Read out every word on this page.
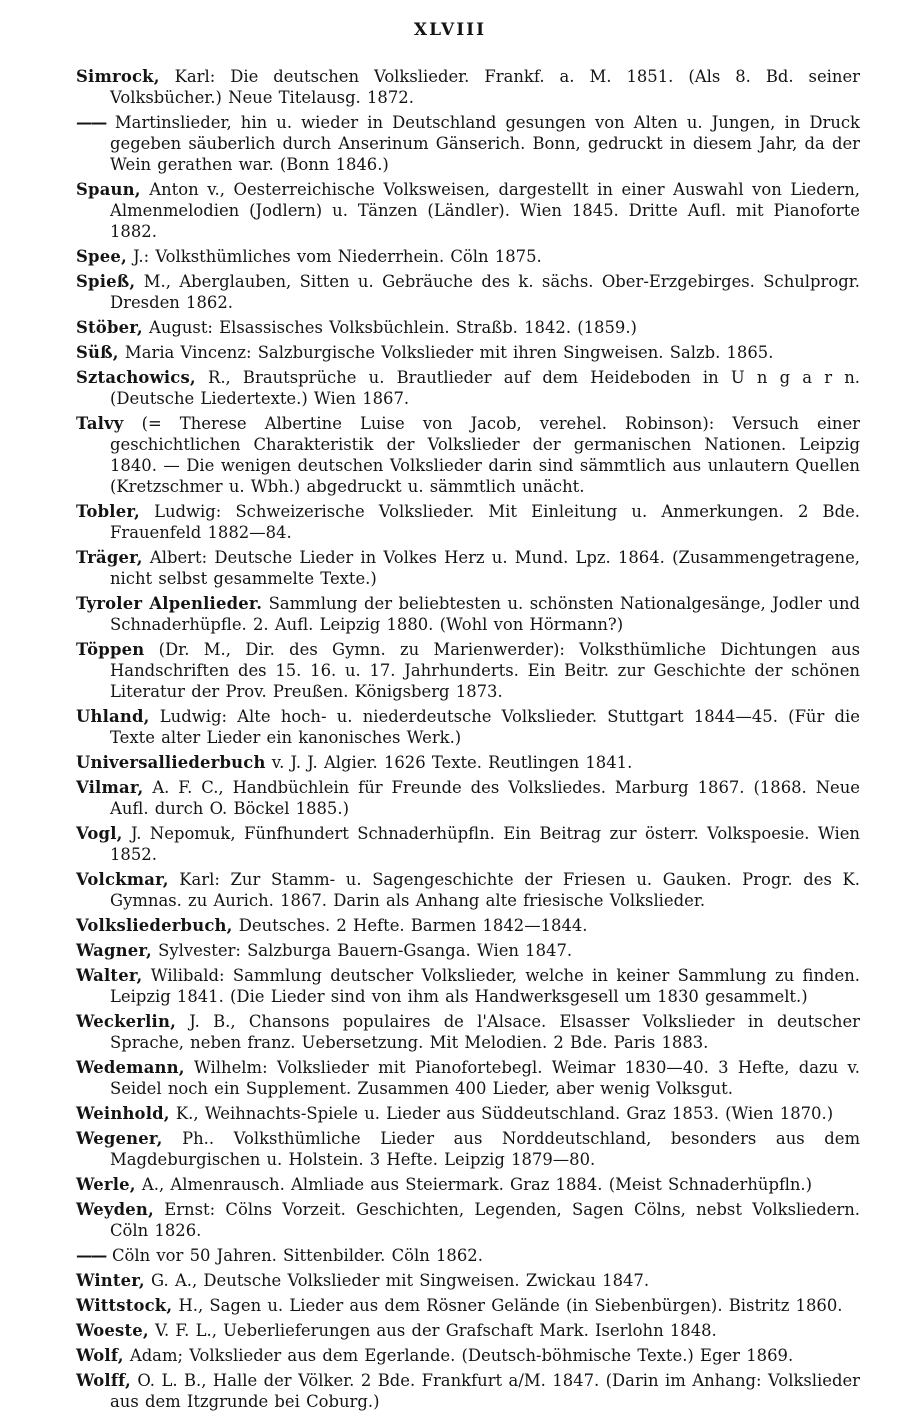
XLVIII

Simrock, Karl: Die deutschen Volkslieder. Frankf. a. M. 1851. (Als 8. Bd. seiner Volksbücher.) Neue Titelausg. 1872.

—— Martinslieder, hin u. wieder in Deutschland gesungen von Alten u. Jungen, in Druck gegeben säuberlich durch Anserinum Gänserich. Bonn, gedruckt in diesem Jahr, da der Wein gerathen war. (Bonn 1846.)

Spaun, Anton v., Oesterreichische Volksweisen, dargestellt in einer Auswahl von Liedern, Almenmelodien (Jodlern) u. Tänzen (Ländler). Wien 1845. Dritte Aufl. mit Pianoforte 1882.

Spee, J.: Volksthümliches vom Niederrhein. Cöln 1875.

Spieß, M., Aberglauben, Sitten u. Gebräuche des k. sächs. Ober-Erzgebirges. Schulprogr. Dresden 1862.

Stöber, August: Elsassisches Volksbüchlein. Straßb. 1842. (1859.)

Süß, Maria Vincenz: Salzburgische Volkslieder mit ihren Singweisen. Salzb. 1865.

Sztachowics, R., Brautsprüche u. Brautlieder auf dem Heideboden in U n g a r n. (Deutsche Liedertexte.) Wien 1867.

Talvy (= Therese Albertine Luise von Jacob, verehel. Robinson): Versuch einer geschichtlichen Charakteristik der Volkslieder der germanischen Nationen. Leipzig 1840. — Die wenigen deutschen Volkslieder darin sind sämmtlich aus unlautern Quellen (Kretzschmer u. Wbh.) abgedruckt u. sämmtlich unächt.

Tobler, Ludwig: Schweizerische Volkslieder. Mit Einleitung u. Anmerkungen. 2 Bde. Frauenfeld 1882—84.

Träger, Albert: Deutsche Lieder in Volkes Herz u. Mund. Lpz. 1864. (Zusammengetragene, nicht selbst gesammelte Texte.)

Tyroler Alpenlieder. Sammlung der beliebtesten u. schönsten Nationalgesänge, Jodler und Schnaderhüpfle. 2. Aufl. Leipzig 1880. (Wohl von Hörmann?)

Töppen (Dr. M., Dir. des Gymn. zu Marienwerder): Volksthümliche Dichtungen aus Handschriften des 15. 16. u. 17. Jahrhunderts. Ein Beitr. zur Geschichte der schönen Literatur der Prov. Preußen. Königsberg 1873.

Uhland, Ludwig: Alte hoch- u. niederdeutsche Volkslieder. Stuttgart 1844—45. (Für die Texte alter Lieder ein kanonisches Werk.)

Universalliederbuch v. J. J. Algier. 1626 Texte. Reutlingen 1841.

Vilmar, A. F. C., Handbüchlein für Freunde des Volksliedes. Marburg 1867. (1868. Neue Aufl. durch O. Böckel 1885.)

Vogl, J. Nepomuk, Fünfhundert Schnaderhüpfln. Ein Beitrag zur österr. Volkspoesie. Wien 1852.

Volckmar, Karl: Zur Stamm- u. Sagengeschichte der Friesen u. Gauken. Progr. des K. Gymnas. zu Aurich. 1867. Darin als Anhang alte friesische Volkslieder.

Volksliederbuch, Deutsches. 2 Hefte. Barmen 1842—1844.

Wagner, Sylvester: Salzburga Bauern-Gsanga. Wien 1847.

Walter, Wilibald: Sammlung deutscher Volkslieder, welche in keiner Sammlung zu finden. Leipzig 1841. (Die Lieder sind von ihm als Handwerksgesell um 1830 gesammelt.)

Weckerlin, J. B., Chansons populaires de l'Alsace. Elsasser Volkslieder in deutscher Sprache, neben franz. Uebersetzung. Mit Melodien. 2 Bde. Paris 1883.

Wedemann, Wilhelm: Volkslieder mit Pianofortebegl. Weimar 1830—40. 3 Hefte, dazu v. Seidel noch ein Supplement. Zusammen 400 Lieder, aber wenig Volksgut.

Weinhold, K., Weihnachts-Spiele u. Lieder aus Süddeutschland. Graz 1853. (Wien 1870.)

Wegener, Ph.. Volksthümliche Lieder aus Norddeutschland, besonders aus dem Magdeburgischen u. Holstein. 3 Hefte. Leipzig 1879—80.

Werle, A., Almenrausch. Almliade aus Steiermark. Graz 1884. (Meist Schnaderhüpfln.)

Weyden, Ernst: Cölns Vorzeit. Geschichten, Legenden, Sagen Cölns, nebst Volksliedern. Cöln 1826.

—— Cöln vor 50 Jahren. Sittenbilder. Cöln 1862.

Winter, G. A., Deutsche Volkslieder mit Singweisen. Zwickau 1847.

Wittstock, H., Sagen u. Lieder aus dem Rösner Gelände (in Siebenbürgen). Bistritz 1860.

Woeste, V. F. L., Ueberlieferungen aus der Grafschaft Mark. Iserlohn 1848.

Wolf, Adam; Volkslieder aus dem Egerlande. (Deutsch-böhmische Texte.) Eger 1869.

Wolff, O. L. B., Halle der Völker. 2 Bde. Frankfurt a/M. 1847. (Darin im Anhang: Volkslieder aus dem Itzgrunde bei Coburg.)
